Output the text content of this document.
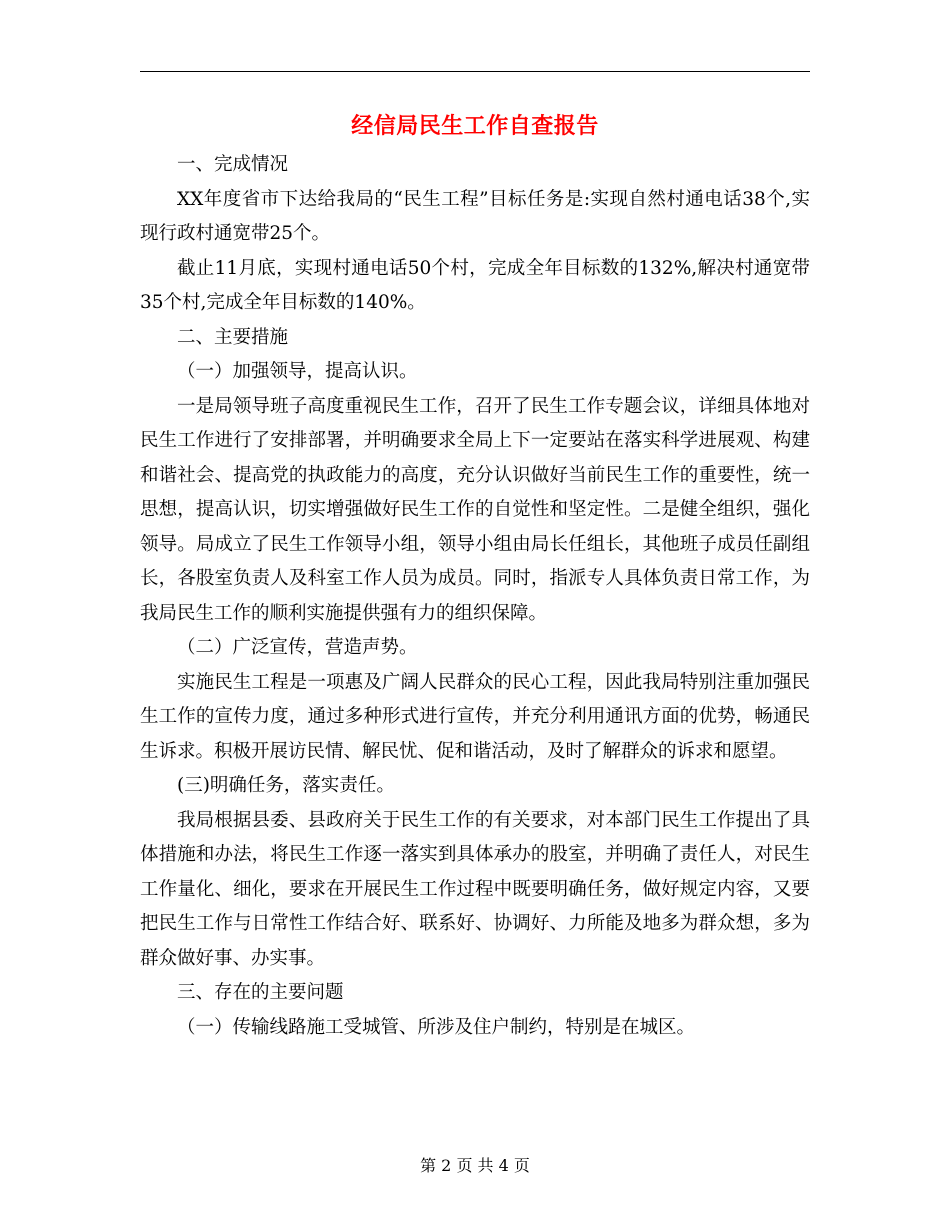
经信局民生工作自查报告

一、完成情况

XX年度省市下达给我局的“民生工程”目标任务是:实现自然村通电话38个,实现行政村通宽带25个。

截止11月底，实现村通电话50个村，完成全年目标数的132%,解决村通宽带35个村,完成全年目标数的140%。

二、主要措施

（一）加强领导，提高认识。

一是局领导班子高度重视民生工作，召开了民生工作专题会议，详细具体地对民生工作进行了安排部署，并明确要求全局上下一定要站在落实科学进展观、构建和谐社会、提高党的执政能力的高度，充分认识做好当前民生工作的重要性，统一思想，提高认识，切实增强做好民生工作的自觉性和坚定性。二是健全组织，强化领导。局成立了民生工作领导小组，领导小组由局长任组长，其他班子成员任副组长，各股室负责人及科室工作人员为成员。同时，指派专人具体负责日常工作，为我局民生工作的顺利实施提供强有力的组织保障。

（二）广泛宣传，营造声势。

实施民生工程是一项惠及广阔人民群众的民心工程，因此我局特别注重加强民生工作的宣传力度，通过多种形式进行宣传，并充分利用通讯方面的优势，畅通民生诉求。积极开展访民情、解民忧、促和谐活动，及时了解群众的诉求和愿望。

(三)明确任务，落实责任。

我局根据县委、县政府关于民生工作的有关要求，对本部门民生工作提出了具体措施和办法，将民生工作逐一落实到具体承办的股室，并明确了责任人，对民生工作量化、细化，要求在开展民生工作过程中既要明确任务，做好规定内容，又要把民生工作与日常性工作结合好、联系好、协调好、力所能及地多为群众想，多为群众做好事、办实事。

三、存在的主要问题

（一）传输线路施工受城管、所涉及住户制约，特别是在城区。

第 2 页 共 4 页
